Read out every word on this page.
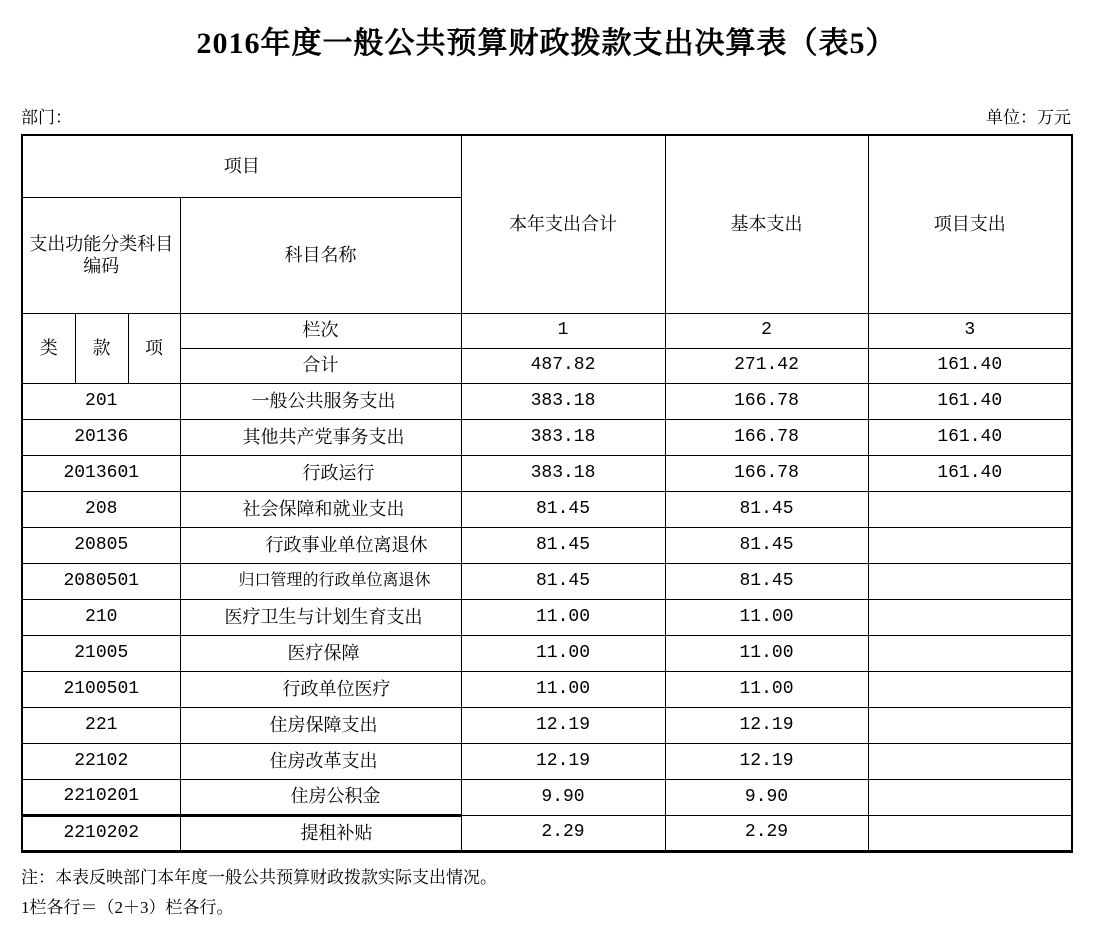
2016年度一般公共预算财政拨款支出决算表（表5）
部门：	单位：万元
项目				本年支出合计	基本支出	项目支出
支出功能分类科目编码			科目名称			
类	款	项	栏次	1	2	3
			合计	487.82	271.42	161.40
201			一般公共服务支出	383.18	166.78	161.40
20136			其他共产党事务支出	383.18	166.78	161.40
2013601			行政运行	383.18	166.78	161.40
208			社会保障和就业支出	81.45	81.45	
20805			行政事业单位离退休	81.45	81.45	
2080501			归口管理的行政单位离退休	81.45	81.45	
210			医疗卫生与计划生育支出	11.00	11.00	
21005			医疗保障	11.00	11.00	
2100501			行政单位医疗	11.00	11.00	
221			住房保障支出	12.19	12.19	
22102			住房改革支出	12.19	12.19	
2210201			住房公积金	9.90	9.90	
2210202			提租补贴	2.29	2.29	
注：本表反映部门本年度一般公共预算财政拨款实际支出情况。
1栏各行＝（2＋3）栏各行。
